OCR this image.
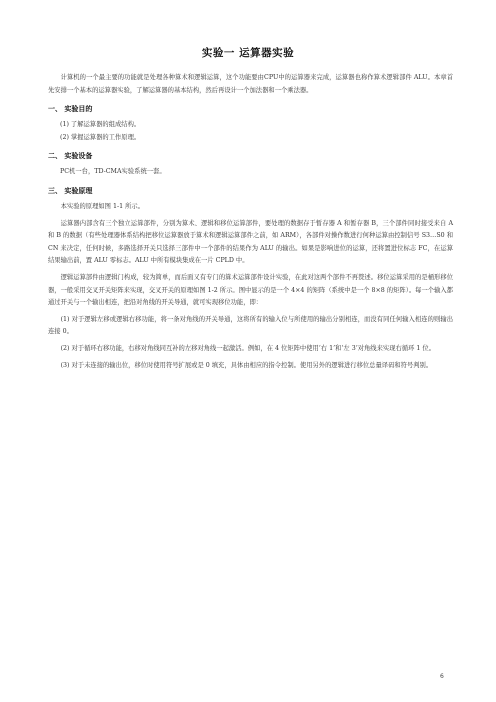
实验一 运算器实验

计算机的一个最主要的功能就是处理各种算术和逻辑运算，这个功能要由CPU中的运算器来完成，运算器也称作算术逻辑部件 ALU。本章首先安排一个基本的运算器实验，了解运算器的基本结构，然后再设计一个加法器和一个乘法器。

一、 实验目的

(1) 了解运算器的组成结构。

(2) 掌握运算器的工作原理。

二、 实验设备

PC机一台，TD-CMA实验系统一套。

三、 实验原理

本实验的原理如图 1-1 所示。

运算器内部含有三个独立运算部件，分别为算术、逻辑和移位运算部件，要处理的数据存于暂存器 A 和暂存器 B，三个部件同时接受来自 A 和 B 的数据（有些处理器体系结构把移位运算器放于算术和逻辑运算部件之前，如 ARM），各部件对操作数进行何种运算由控制信号 S3…S0 和 CN 来决定，任何时候，多路选择开关只选择三部件中一个部件的结果作为 ALU 的输出。如果是影响进位的运算，还将置进位标志 FC，在运算结果输出前，置 ALU 零标志。ALU 中所有模块集成在一片 CPLD 中。

逻辑运算部件由逻辑门构成，较为简单，而后面又有专门的算术运算部件设计实验，在此对这两个部件不再赘述。移位运算采用的是桶形移位器，一般采用交叉开关矩阵来实现，交叉开关的原理如图 1-2 所示。图中显示的是一个 4×4 的矩阵（系统中是一个 8×8 的矩阵）。每一个输入都通过开关与一个输出相连，把沿对角线的开关导通，就可实现移位功能，即：

(1) 对于逻辑左移或逻辑右移功能，将一条对角线的开关导通，这将所有的输入位与所使用的输出分别相连，而没有同任何输入相连的则输出连接 0。

(2) 对于循环右移功能，右移对角线同互补的左移对角线一起激活。例如，在 4 位矩阵中使用‘右 1’和‘左 3’对角线来实现右循环 1 位。

(3) 对于未连接的输出位，移位时使用符号扩展或是 0 填充，具体由相应的指令控制。使用另外的逻辑进行移位总量译码和符号判别。

6
